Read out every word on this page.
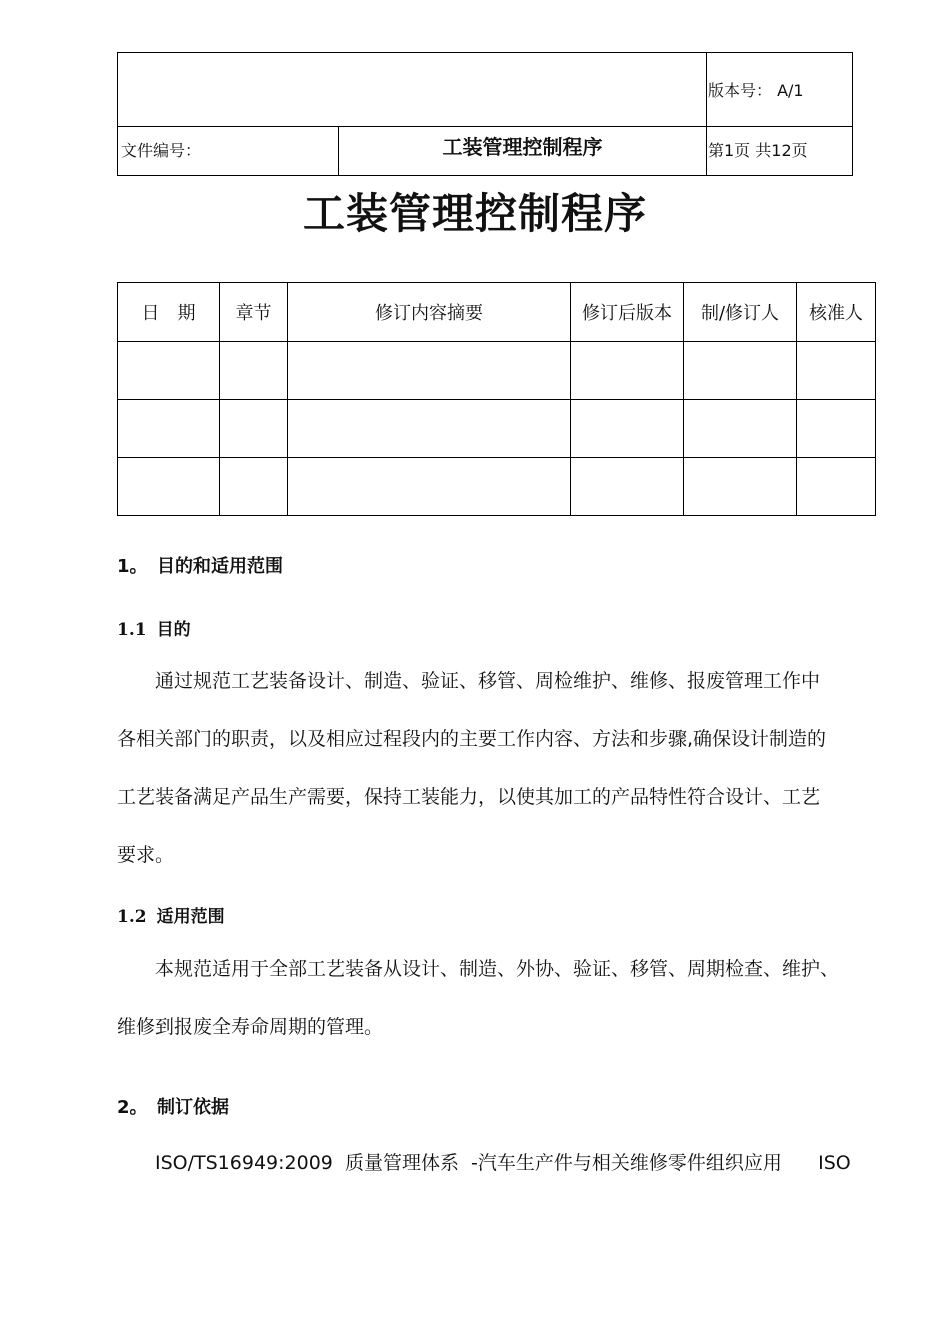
版本号： A/1
文件编号：	工装管理控制程序	第1页 共12页
工装管理控制程序
日　期	章节	修订内容摘要	修订后版本	制/修订人	核准人

1。 目的和适用范围
1.1 目的
通过规范工艺装备设计、制造、验证、移管、周检维护、维修、报废管理工作中
各相关部门的职责，以及相应过程段内的主要工作内容、方法和步骤,确保设计制造的
工艺装备满足产品生产需要，保持工装能力，以使其加工的产品特性符合设计、工艺
要求。
1.2 适用范围
本规范适用于全部工艺装备从设计、制造、外协、验证、移管、周期检查、维护、
维修到报废全寿命周期的管理。
2。 制订依据
ISO/TS16949:2009  质量管理体系  -汽车生产件与相关维修零件组织应用      ISO
